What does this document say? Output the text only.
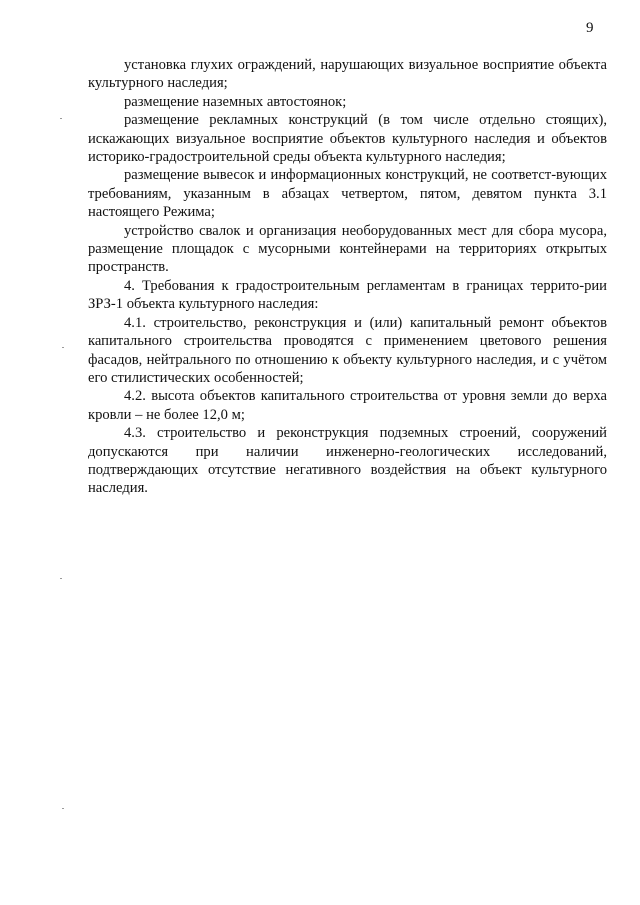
9

установка глухих ограждений, нарушающих визуальное восприятие объекта культурного наследия;

размещение наземных автостоянок;

размещение рекламных конструкций (в том числе отдельно стоящих), искажающих визуальное восприятие объектов культурного наследия и объектов историко-градостроительной среды объекта культурного наследия;

размещение вывесок и информационных конструкций, не соответст-вующих требованиям, указанным в абзацах четвертом, пятом, девятом пункта 3.1 настоящего Режима;

устройство свалок и организация необорудованных мест для сбора мусора, размещение площадок с мусорными контейнерами на территориях открытых пространств.

4. Требования к градостроительным регламентам в границах террито-рии ЗРЗ-1 объекта культурного наследия:

4.1. строительство, реконструкция и (или) капитальный ремонт объектов капитального строительства проводятся с применением цветового решения фасадов, нейтрального по отношению к объекту культурного наследия, и с учётом его стилистических особенностей;

4.2. высота объектов капитального строительства от уровня земли до верха кровли – не более 12,0 м;

4.3. строительство и реконструкция подземных строений, сооружений допускаются при наличии инженерно-геологических исследований, подтверждающих отсутствие негативного воздействия на объект культурного наследия.
